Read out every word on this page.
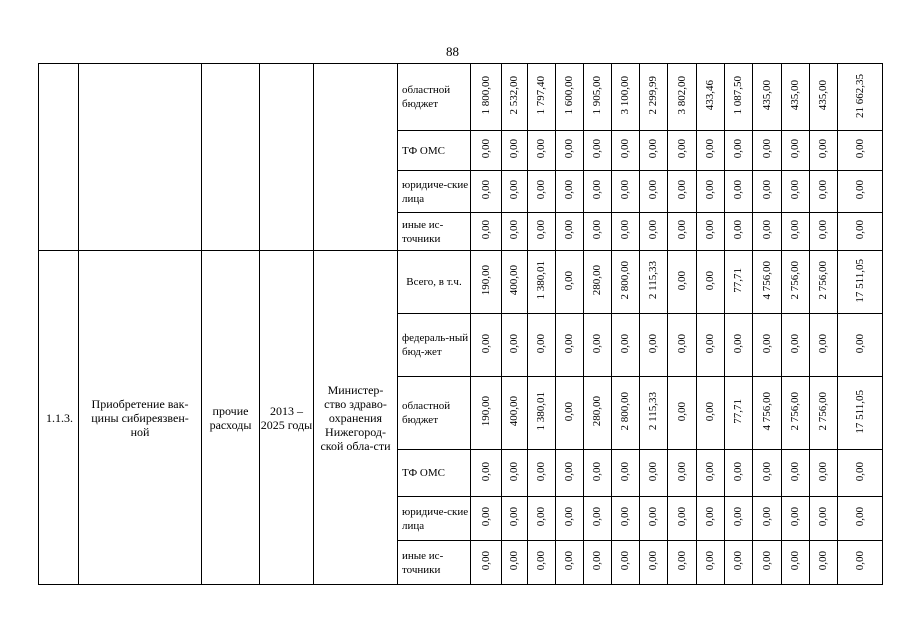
88
					областной бюджет	1 800,00	2 532,00	1 797,40	1 600,00	1 905,00	3 100,00	2 299,99	3 802,00	433,46	1 087,50	435,00	435,00	435,00	21 662,35
					ТФ ОМС	0,00	0,00	0,00	0,00	0,00	0,00	0,00	0,00	0,00	0,00	0,00	0,00	0,00	0,00
					юридиче-ские лица	0,00	0,00	0,00	0,00	0,00	0,00	0,00	0,00	0,00	0,00	0,00	0,00	0,00	0,00
					иные ис-точники	0,00	0,00	0,00	0,00	0,00	0,00	0,00	0,00	0,00	0,00	0,00	0,00	0,00	0,00
1.1.3.	Приобретение вак-цины сибиреязвен-ной	прочие расходы	2013 – 2025 годы	Министер-ство здраво-охранения Нижегород-ской обла-сти	Всего, в т.ч.	190,00	400,00	1 380,01	0,00	280,00	2 800,00	2 115,33	0,00	0,00	77,71	4 756,00	2 756,00	2 756,00	17 511,05
					федераль-ный бюд-жет	0,00	0,00	0,00	0,00	0,00	0,00	0,00	0,00	0,00	0,00	0,00	0,00	0,00	0,00
					областной бюджет	190,00	400,00	1 380,01	0,00	280,00	2 800,00	2 115,33	0,00	0,00	77,71	4 756,00	2 756,00	2 756,00	17 511,05
					ТФ ОМС	0,00	0,00	0,00	0,00	0,00	0,00	0,00	0,00	0,00	0,00	0,00	0,00	0,00	0,00
					юридиче-ские лица	0,00	0,00	0,00	0,00	0,00	0,00	0,00	0,00	0,00	0,00	0,00	0,00	0,00	0,00
					иные ис-точники	0,00	0,00	0,00	0,00	0,00	0,00	0,00	0,00	0,00	0,00	0,00	0,00	0,00	0,00
